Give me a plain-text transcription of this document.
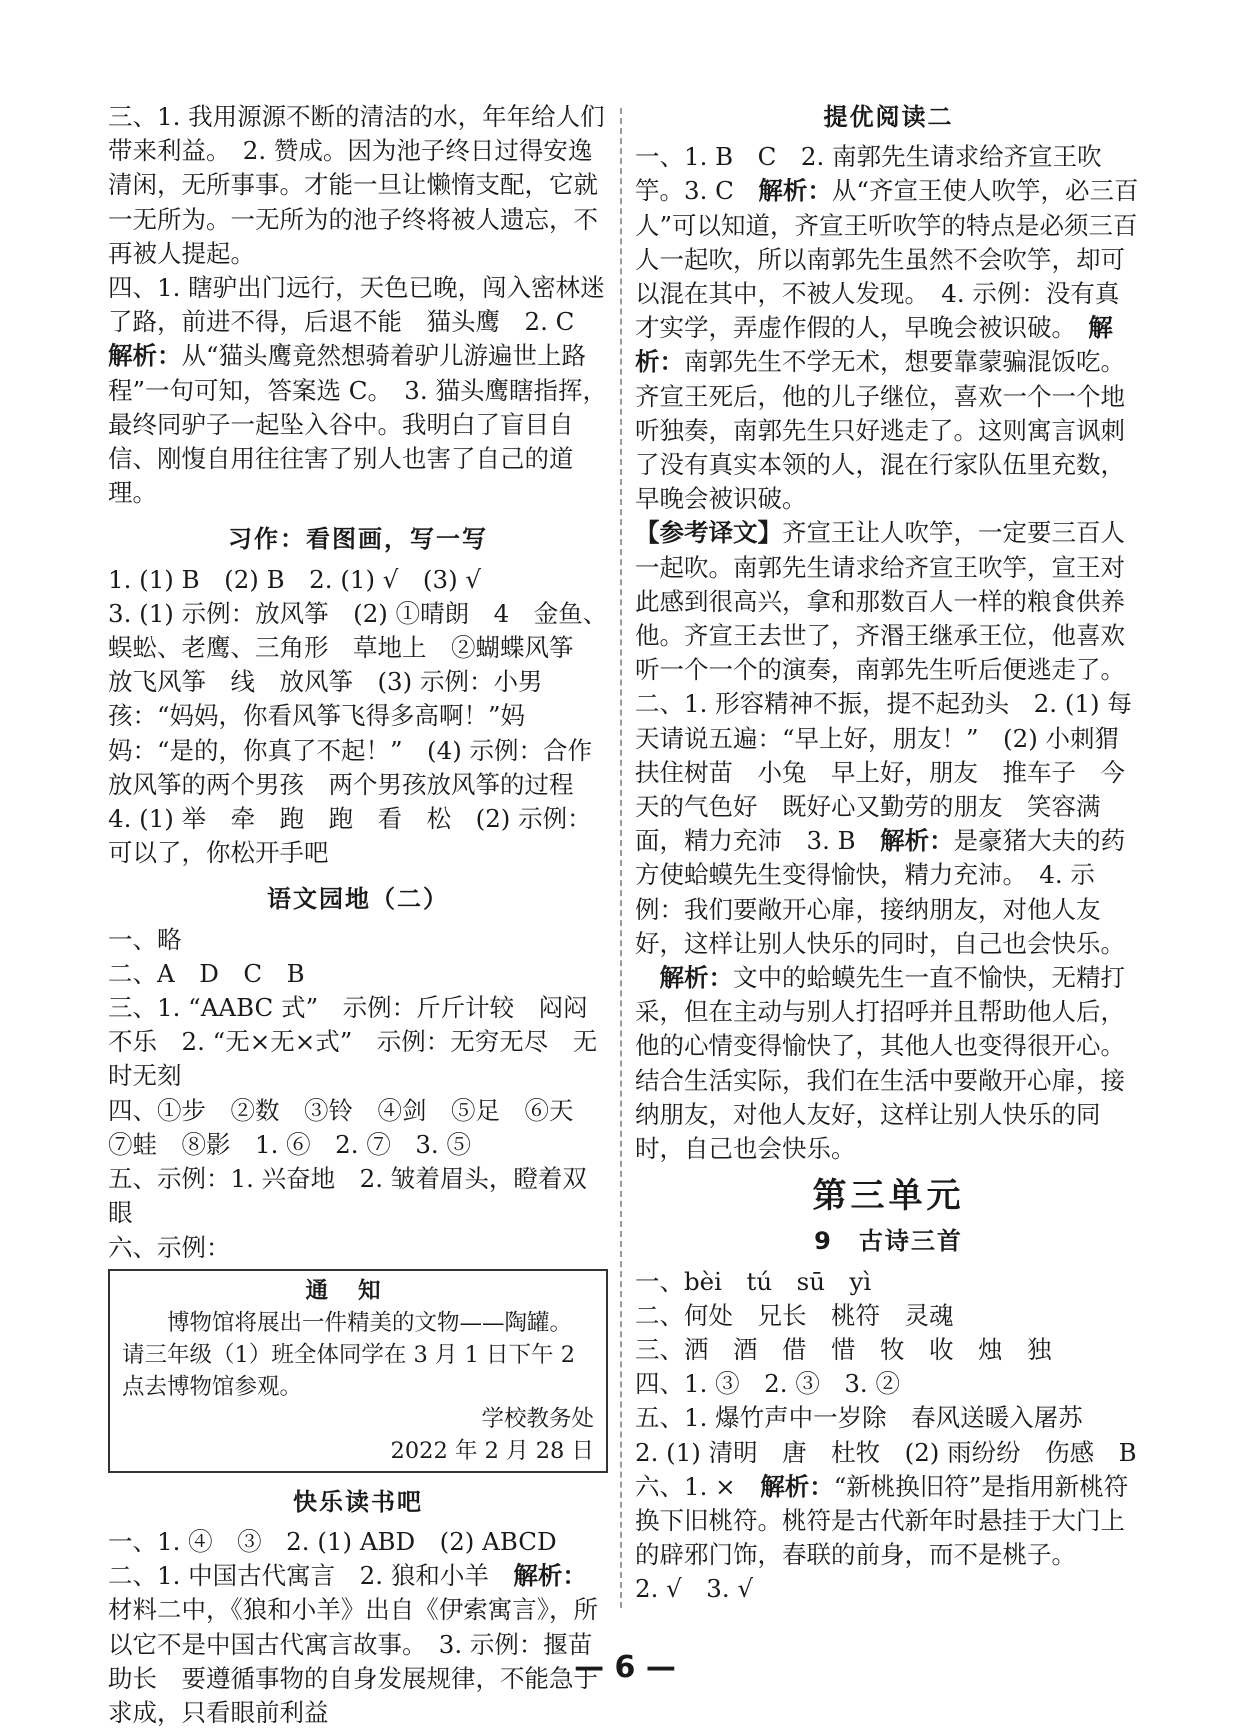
三、1. 我用源源不断的清洁的水，年年给人们带来利益。　2. 赞成。因为池子终日过得安逸清闲，无所事事。才能一旦让懒惰支配，它就一无所为。一无所为的池子终将被人遗忘，不再被人提起。

四、1. 瞎驴出门远行，天色已晚，闯入密林迷了路，前进不得，后退不能　猫头鹰　2. C

解析：从“猫头鹰竟然想骑着驴儿游遍世上路程”一句可知，答案选 C。　3. 猫头鹰瞎指挥，最终同驴子一起坠入谷中。我明白了盲目自信、刚愎自用往往害了别人也害了自己的道理。

习作：看图画，写一写

1. (1) B　(2) B　2. (1) √　(3) √

3. (1) 示例：放风筝　(2) ①晴朗　4　金鱼、蜈蚣、老鹰、三角形　草地上　②蝴蝶风筝　放飞风筝　线　放风筝　(3) 示例：小男孩：“妈妈，你看风筝飞得多高啊！”妈妈：“是的，你真了不起！”　(4) 示例：合作放风筝的两个男孩　两个男孩放风筝的过程

4. (1) 举　牵　跑　跑　看　松　(2) 示例：可以了，你松开手吧

语文园地（二）

一、略

二、A　D　C　B

三、1. “AABC 式”　示例：斤斤计较　闷闷不乐　2. “无×无×式”　示例：无穷无尽　无时无刻

四、①步　②数　③铃　④剑　⑤足　⑥天　⑦蛙　⑧影　1. ⑥　2. ⑦　3. ⑤

五、示例：1. 兴奋地　2. 皱着眉头，瞪着双眼

六、示例：

通知
博物馆将展出一件精美的文物——陶罐。请三年级（1）班全体同学在 3 月 1 日下午 2 点去博物馆参观。
学校教务处
2022 年 2 月 28 日
快乐读书吧

一、1. ④　③　2. (1) ABD　(2) ABCD

二、1. 中国古代寓言　2. 狼和小羊　解析：材料二中，《狼和小羊》出自《伊索寓言》，所以它不是中国古代寓言故事。　3. 示例：揠苗助长　要遵循事物的自身发展规律，不能急于求成，只看眼前利益

提优阅读二

一、1. B　C　2. 南郭先生请求给齐宣王吹竽。3. C　解析：从“齐宣王使人吹竽，必三百人”可以知道，齐宣王听吹竽的特点是必须三百人一起吹，所以南郭先生虽然不会吹竽，却可以混在其中，不被人发现。　4. 示例：没有真才实学，弄虚作假的人，早晚会被识破。　解析：南郭先生不学无术，想要靠蒙骗混饭吃。齐宣王死后，他的儿子继位，喜欢一个一个地听独奏，南郭先生只好逃走了。这则寓言讽刺了没有真实本领的人，混在行家队伍里充数，早晚会被识破。

【参考译文】齐宣王让人吹竽，一定要三百人一起吹。南郭先生请求给齐宣王吹竽，宣王对此感到很高兴，拿和那数百人一样的粮食供养他。齐宣王去世了，齐湣王继承王位，他喜欢听一个一个的演奏，南郭先生听后便逃走了。

二、1. 形容精神不振，提不起劲头　2. (1) 每天请说五遍：“早上好，朋友！”　(2) 小刺猬　扶住树苗　小兔　早上好，朋友　推车子　今天的气色好　既好心又勤劳的朋友　笑容满面，精力充沛　3. B　解析：是豪猪大夫的药方使蛤蟆先生变得愉快，精力充沛。　4. 示例：我们要敞开心扉，接纳朋友，对他人友好，这样让别人快乐的同时，自己也会快乐。

解析：文中的蛤蟆先生一直不愉快，无精打采，但在主动与别人打招呼并且帮助他人后，他的心情变得愉快了，其他人也变得很开心。结合生活实际，我们在生活中要敞开心扉，接纳朋友，对他人友好，这样让别人快乐的同时，自己也会快乐。

第三单元
9　古诗三首

一、bèi　tú　sū　yì

二、何处　兄长　桃符　灵魂

三、洒　酒　借　惜　牧　收　烛　独

四、1. ③　2. ③　3. ②

五、1. 爆竹声中一岁除　春风送暖入屠苏

2. (1) 清明　唐　杜牧　(2) 雨纷纷　伤感　B

六、1. ×　解析：“新桃换旧符”是指用新桃符换下旧桃符。桃符是古代新年时悬挂于大门上的辟邪门饰，春联的前身，而不是桃子。

2. √　3. √

— 6 —
